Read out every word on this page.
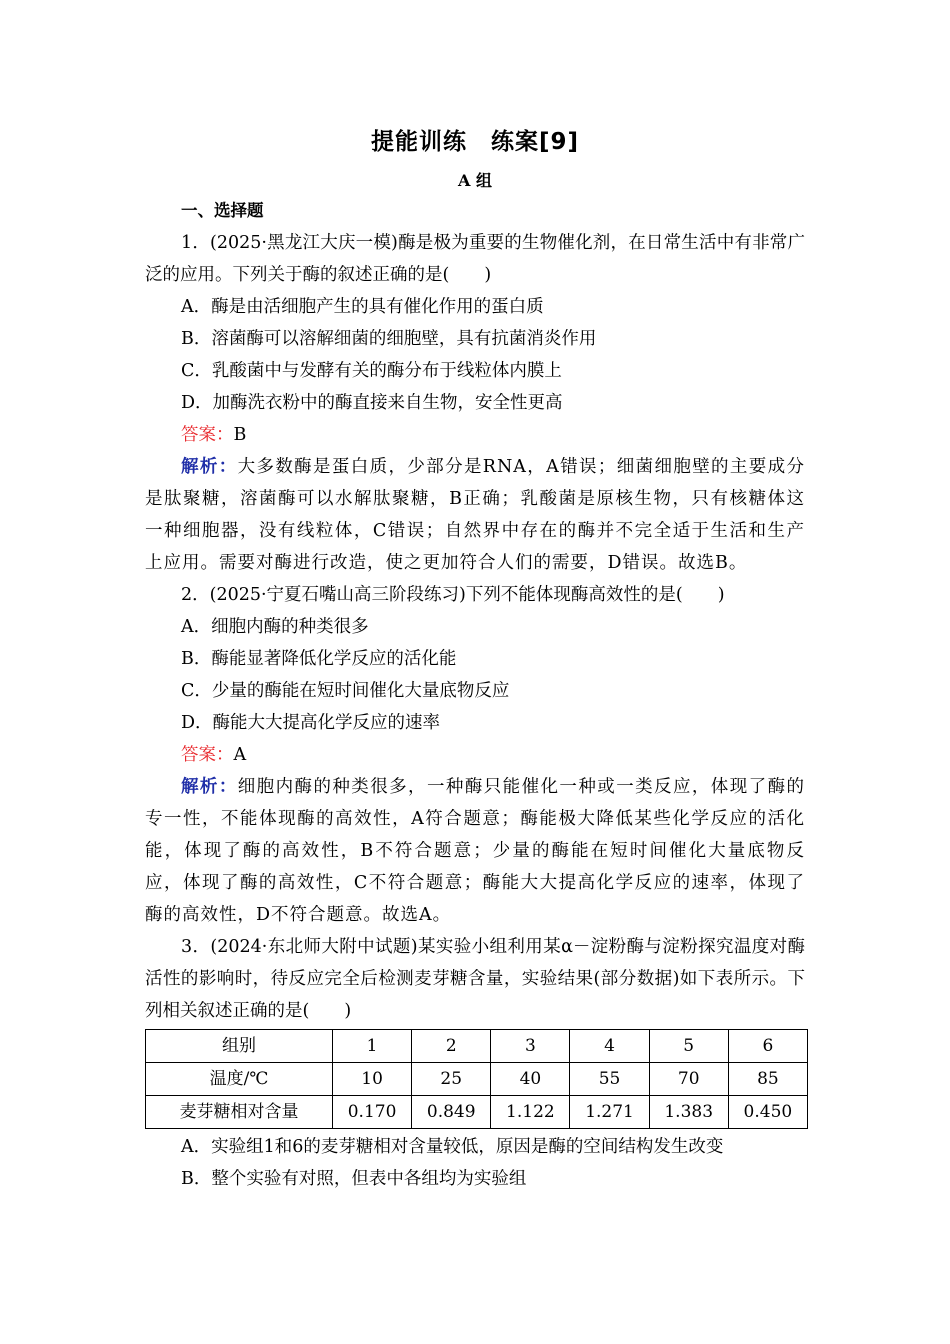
提能训练　练案[9]
A 组

一、选择题

1．(2025·黑龙江大庆一模)酶是极为重要的生物催化剂，在日常生活中有非常广泛的应用。下列关于酶的叙述正确的是(　　)

A．酶是由活细胞产生的具有催化作用的蛋白质

B．溶菌酶可以溶解细菌的细胞壁，具有抗菌消炎作用

C．乳酸菌中与发酵有关的酶分布于线粒体内膜上

D．加酶洗衣粉中的酶直接来自生物，安全性更高

答案：B

解析：大多数酶是蛋白质，少部分是RNA，A错误；细菌细胞壁的主要成分是肽聚糖，溶菌酶可以水解肽聚糖，B正确；乳酸菌是原核生物，只有核糖体这一种细胞器，没有线粒体，C错误；自然界中存在的酶并不完全适于生活和生产上应用。需要对酶进行改造，使之更加符合人们的需要，D错误。故选B。

2．(2025·宁夏石嘴山高三阶段练习)下列不能体现酶高效性的是(　　)

A．细胞内酶的种类很多

B．酶能显著降低化学反应的活化能

C．少量的酶能在短时间催化大量底物反应

D．酶能大大提高化学反应的速率

答案：A

解析：细胞内酶的种类很多，一种酶只能催化一种或一类反应，体现了酶的专一性，不能体现酶的高效性，A符合题意；酶能极大降低某些化学反应的活化能，体现了酶的高效性，B不符合题意；少量的酶能在短时间催化大量底物反应，体现了酶的高效性，C不符合题意；酶能大大提高化学反应的速率，体现了酶的高效性，D不符合题意。故选A。

3．(2024·东北师大附中试题)某实验小组利用某α－淀粉酶与淀粉探究温度对酶活性的影响时，待反应完全后检测麦芽糖含量，实验结果(部分数据)如下表所示。下列相关叙述正确的是(　　)

组别	1	2	3	4	5	6
温度/℃	10	25	40	55	70	85
麦芽糖相对含量	0.170	0.849	1.122	1.271	1.383	0.450

A．实验组1和6的麦芽糖相对含量较低，原因是酶的空间结构发生改变

B．整个实验有对照，但表中各组均为实验组
